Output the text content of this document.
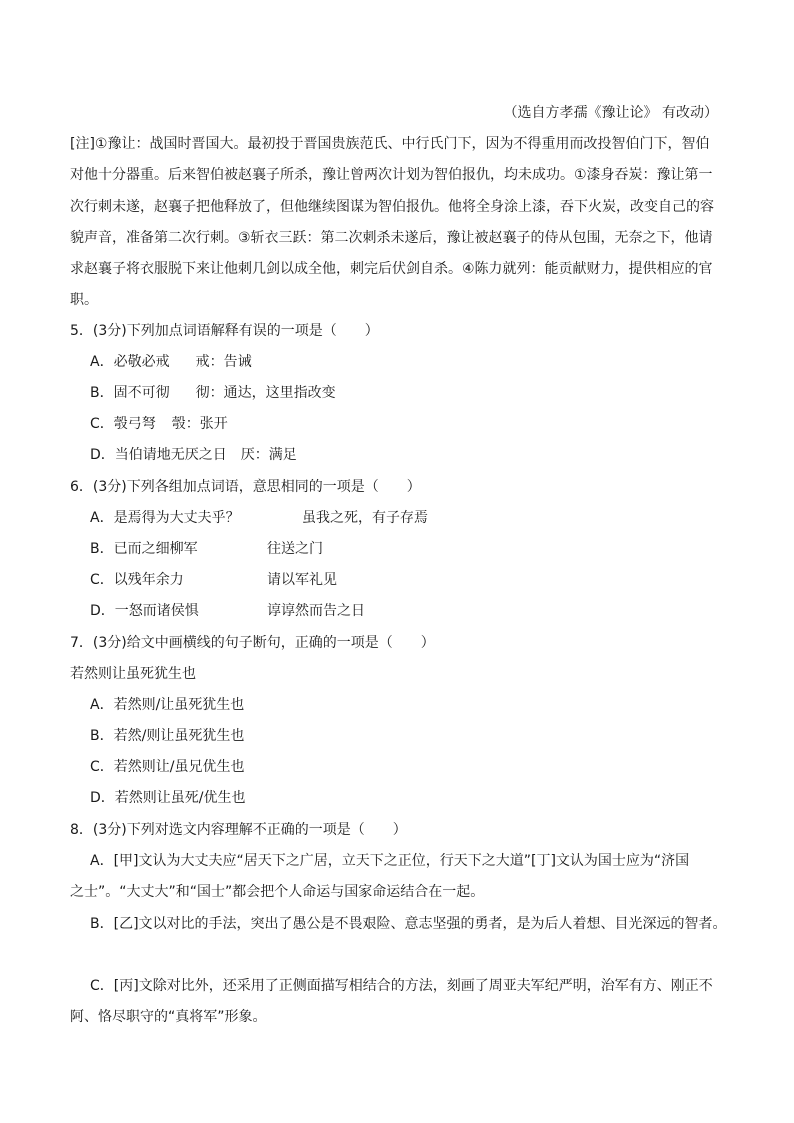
（选自方孝孺《豫让论》 有改动）
[注]①豫让：战国时晋国大。最初投于晋国贵族范氏、中行氏门下，因为不得重用而改投智伯门下，智伯
对他十分器重。后来智伯被赵襄子所杀，豫让曾两次计划为智伯报仇，均未成功。①漆身吞炭：豫让第一
次行刺未遂，赵襄子把他释放了，但他继续图谋为智伯报仇。他将全身涂上漆，吞下火炭，改变自己的容
貌声音，准备第二次行刺。③斩衣三跃：第二次刺杀未遂后，豫让被赵襄子的侍从包围，无奈之下，他请
求赵襄子将衣服脱下来让他刺几剑以成全他，刺完后伏剑自杀。④陈力就列：能贡献财力，提供相应的官
职。
5．(3分)下列加点词语解释有误的一项是（　　）
A．必敬必戒 戒：告诫
B．固不可彻 彻：通达，这里指改变
C．彀弓弩 彀：张开
D．当伯请地无厌之日 厌：满足
6．(3分)下列各组加点词语，意思相同的一项是（　　）
A．是焉得为大丈夫乎？	虽我之死，有子存焉
B．已而之细柳军	往送之门
C．以残年余力	请以军礼见
D．一怒而诸侯惧	谆谆然而告之日
7．(3分)给文中画横线的句子断句，正确的一项是（　　）
若然则让虽死犹生也
A．若然则/让虽死犹生也
B．若然/则让虽死犹生也
C．若然则让/虽兄优生也
D．若然则让虽死/优生也
8．(3分)下列对选文内容理解不正确的一项是（　　）
A．[甲]文认为大丈夫应“居天下之广居，立天下之正位，行天下之大道”[丁]文认为国士应为“济国
之士”。“大丈大”和“国士”都会把个人命运与国家命运结合在一起。
B．[乙]文以对比的手法，突出了愚公是不畏艰险、意志坚强的勇者，是为后人着想、目光深远的智者。
C．[丙]文除对比外，还采用了正侧面描写相结合的方法，刻画了周亚夫军纪严明，治军有方、刚正不
阿、恪尽职守的“真将军”形象。
